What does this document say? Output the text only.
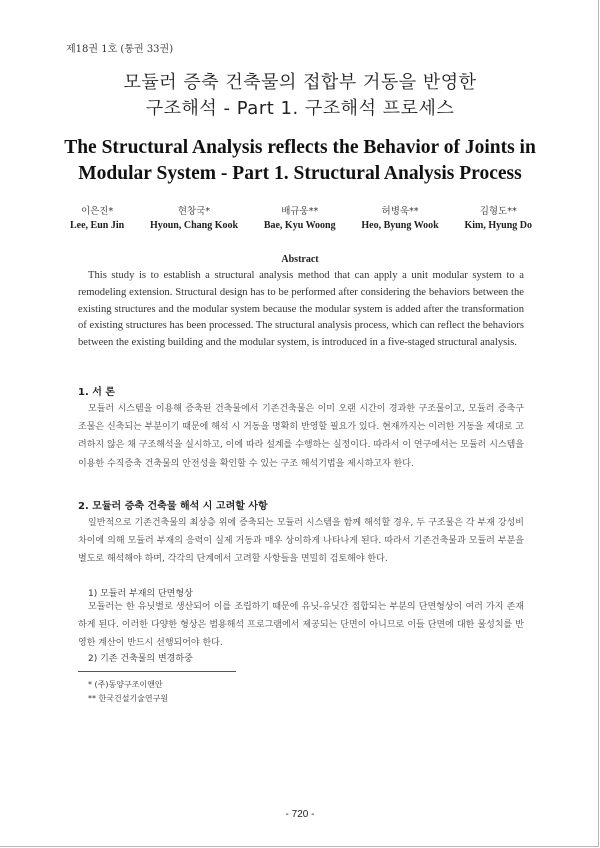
제18권 1호 (통권 33권)
모듈러 증축 건축물의 접합부 거동을 반영한
구조해석 - Part 1. 구조해석 프로세스
The Structural Analysis reflects the Behavior of Joints in
Modular System - Part 1. Structural Analysis Process
이은진*
Lee, Eun Jin
현창국*
Hyoun, Chang Kook
배규웅**
Bae, Kyu Woong
허병욱**
Heo, Byung Wook
김형도**
Kim, Hyung Do
Abstract

This study is to establish a structural analysis method that can apply a unit modular system to a remodeling extension. Structural design has to be performed after considering the behaviors between the existing structures and the modular system because the modular system is added after the transformation of existing structures has been processed. The structural analysis process, which can reflect the behaviors between the existing building and the modular system, is introduced in a five-staged structural analysis.

1. 서 론

모듈러 시스템을 이용해 증축된 건축물에서 기존건축물은 이미 오랜 시간이 경과한 구조물이고, 모듈러 증축구조물은 신축되는 부분이기 때문에 해석 시 거동을 명확히 반영할 필요가 있다. 현재까지는 이러한 거동을 제대로 고려하지 않은 채 구조해석을 실시하고, 이에 따라 설계를 수행하는 실정이다. 따라서 이 연구에서는 모듈러 시스템을 이용한 수직증축 건축물의 안전성을 확인할 수 있는 구조 해석기법을 제시하고자 한다.

2. 모듈러 증축 건축물 해석 시 고려할 사항

일반적으로 기존건축물의 최상층 위에 증축되는 모듈러 시스템을 함께 해석할 경우, 두 구조물은 각 부재 강성비 차이에 의해 모듈러 부재의 응력이 실제 거동과 매우 상이하게 나타나게 된다. 따라서 기존건축물과 모듈러 부분을 별도로 해석해야 하며, 각각의 단계에서 고려할 사항들을 면밀히 검토해야 한다.

1) 모듈러 부재의 단면형상

모듈러는 한 유닛별로 생산되어 이를 조립하기 때문에 유닛-유닛간 접합되는 부분의 단면형상이 여러 가지 존재하게 된다. 이러한 다양한 형상은 범용해석 프로그램에서 제공되는 단면이 아니므로 이들 단면에 대한 물성치를 반영한 계산이 반드시 선행되어야 한다.

2) 기존 건축물의 변경하중
* (주)동양구조이앤안
** 한국건설기술연구원
- 720 -
